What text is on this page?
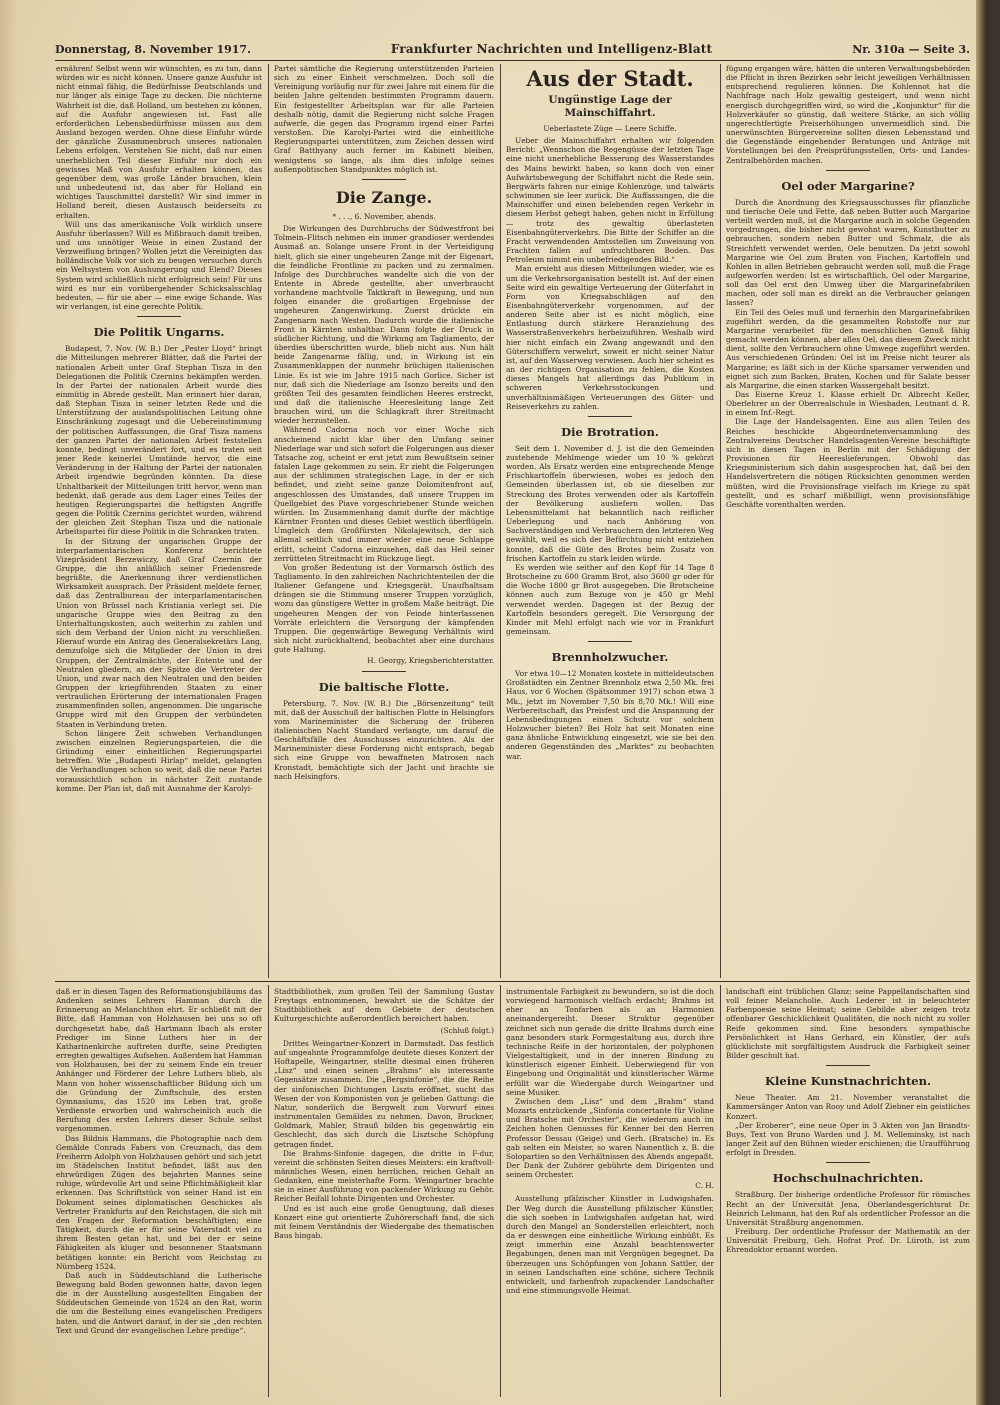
Donnerstag, 8. November 1917.	Frankfurter Nachrichten und Intelligenz-Blatt	Nr. 310a — Seite 3.

ernähren! Selbst wenn wir wünschten, es zu tun, dann würden wir es nicht können. Unsere ganze Ausfuhr ist nicht einmal fähig, die Bedürfnisse Deutschlands und nur länger als einige Tage zu decken. Die nüchterne Wahrheit ist die, daß Holland, um bestehen zu können, auf die Ausfuhr angewiesen ist. Fast alle erforderlichen Lebensbedürfnisse müssen aus dem Ausland bezogen werden. Ohne diese Einfuhr würde der gänzliche Zusammenbruch unseres nationalen Lebens erfolgen. Verstehen Sie nicht, daß nur einen unerheblichen Teil dieser Einfuhr nur doch ein gewisses Maß von Ausfuhr erhalten können, das gegenüber dem, was große Länder brauchen, klein und unbedeutend ist, das aber für Holland ein wichtiges Tauschmittel darstellt? Wir sind immer in Holland bereit, diesen Austausch beiderseits zu erhalten.

Will uns das amerikanische Volk wirklich unsere Ausfuhr überlassen? Will es Mißbrauch damit treiben, und uns unnötiger Weise in einen Zustand der Verzweiflung bringen? Wollen jetzt die Vereinigten das holländische Volk vor sich zu beugen versuchen durch ein Weltsystem von Aushungerung und Elend? Dieses System wird schließlich nicht erfolgreich sein! Für uns wird es nur ein vorübergehender Schicksalsschlag bedeuten, — für sie aber — eine ewige Schande. Was wir verlangen, ist eine gerechte Politik.

Die Politik Ungarns.

Budapest, 7. Nov. (W. B.) Der „Pester Lloyd“ bringt die Mitteilungen mehrerer Blätter, daß die Partei der nationalen Arbeit unter Graf Stephan Tisza in den Delegationen die Politik Czernins bekämpfen werden. In der Partei der nationalen Arbeit wurde dies einmütig in Abrede gestellt. Man erinnert hier daran, daß Stephan Tisza in seiner letzten Rede und die Unterstützung der auslandspolitischen Leitung ohne Einschränkung zugesagt und die Uebereinstimmung der politischen Auffassungen, die Graf Tisza namens der ganzen Partei der nationalen Arbeit feststellen konnte, bedingt unverändert fort, und es traten seit jener Rede keinerlei Umstände hervor, die eine Veränderung in der Haltung der Partei der nationalen Arbeit irgendwie begründen könnten. Da diese Unhaltbarkeit der Mitteilungen tritt hervor, wenn man bedenkt, daß gerade aus dem Lager eines Teiles der heutigen Regierungspartei die heftigsten Angriffe gegen die Politik Czernins gerichtet wurden, während der gleichen Zeit Stephan Tisza und die nationale Arbeitspartei für diese Politik in die Schranken traten.

In der Sitzung der ungarischen Gruppe der interparlamentarischen Konferenz berichtete Vizepräsident Berzewiczy, daß Graf Czernin der Gruppe, die ihn anläßlich seiner Friedensrede begrüßte, die Anerkennung ihrer verdienstlichen Wirksamkeit aussprach. Der Präsident meldete ferner, daß das Zentralbureau der interparlamentarischen Union von Brüssel nach Kristiania verlegt sei. Die ungarische Gruppe wies den Beitrag zu den Unterhaltungskosten, auch weiterhin zu zahlen und sich dem Verband der Union nicht zu verschließen. Hierauf wurde ein Antrag des Generalsekretärs Lang, demzufolge sich die Mitglieder der Union in drei Gruppen, der Zentralmächte, der Entente und der Neutralen gliedern, an der Spitze die Vertreter der Union, und zwar nach den Neutralen und den beiden Gruppen der kriegführenden Staaten zu einer vertraulichen Erörterung der internationalen Fragen zusammenfinden sollen, angenommen. Die ungarische Gruppe wird mit den Gruppen der verbündeten Staaten in Verbindung treten.

Schon längere Zeit schweben Verhandlungen zwischen einzelnen Regierungsparteien, die die Gründung einer einheitlichen Regierungspartei betreffen. Wie „Budapesti Hirlap“ meldet, gelangten die Verhandlungen schon so weit, daß die neue Partei voraussichtlich schon in nächster Zeit zustande komme. Der Plan ist, daß mit Ausnahme der Karolyi-

Partei sämtliche die Regierung unterstützenden Parteien sich zu einer Einheit verschmelzen. Doch soll die Vereinigung vorläufig nur für zwei Jahre mit einem für die beiden Jahre geltenden bestimmten Programm dauern. Ein festgestellter Arbeitsplan war für alle Parteien deshalb nötig, damit die Regierung nicht solche Fragen aufwerfe, die gegen das Programm irgend einer Partei verstoßen. Die Karolyi-Partei wird die einheitliche Regierungspartei unterstützen, zum Zeichen dessen wird Graf Batthyany auch ferner im Kabinett bleiben, wenigstens so lange, als ihm dies infolge seines außenpolitischen Standpunktes möglich ist.

Die Zange.
* . . ., 6. November, abends.

Die Wirkungen des Durchbruchs der Südwestfront bei Tolmein–Flitsch nehmen ein immer grandioser werdendes Ausmaß an. Solange unsere Front in der Verteidigung hielt, glich sie einer ungeheuren Zange mit der Eigenart, die feindliche Frontlinie zu packen und zu zermalmen. Infolge des Durchbruches wandelte sich die von der Entente in Abrede gestellte, aber unverbraucht vorhandene machtvolle Taktkraft in Bewegung, und nun folgen einander die großartigen Ergebnisse der ungeheuren Zangenwirkung. Zuerst drückte ein Zangenarm nach Westen. Dadurch wurde die italienische Front in Kärnten unhaltbar. Dann folgte der Druck in südlicher Richtung, und die Wirkung am Tagliamento, der überdies überschritten wurde, blieb nicht aus. Nun hält beide Zangenarme fällig, und, in Wirkung ist ein Zusammenklappen der nunmehr brüchigen italienischen Linie. Es ist wie im Jahre 1915 nach Gorlice. Sicher ist nur, daß sich die Niederlage am Isonzo bereits und den größten Teil des gesamten feindlichen Heeres erstreckt, und daß die italienische Heeresleitung lange Zeit brauchen wird, um die Schlagkraft ihrer Streitmacht wieder herzustellen.

Während Cadorna noch vor einer Woche sich anscheinend nicht klar über den Umfang seiner Niederlage war und sich sofort die Folgerungen aus dieser Tatsache zog, scheint er erst jetzt zum Bewußtsein seiner fatalen Lage gekommen zu sein. Er zieht die Folgerungen aus der schlimmen strategischen Lage, in der er sich befindet, und zieht seine ganze Dolomitenfront auf, angeschlossen des Umstandes, daß unsere Truppen im Quellgebiet des Piave vorgeschriebener Stunde weichen würden. Im Zusammenhang damit durfte der mächtige Kärntner Fronten und dieses Gebiet westlich überflügeln. Umgleich dem Großfürsten Nikolajewitsch, der sich allemal seitlich und immer wieder eine neue Schlappe erlitt, scheint Cadorna einzusehen, daß das Heil seiner zerrütteten Streitmacht im Rückzuge liegt.

Von großer Bedeutung ist der Vormarsch östlich des Tagliamento. In den zahlreichen Nachrichtenteilen der die Italiener Gefangene und Kriegsgerät. Unaufhaltsam drängen sie die Stimmung unserer Truppen vorzüglich, wozu das günstigere Wetter in großem Maße beiträgt. Die ungeheuren Mengen der von Feinde hinterlassenen Vorräte erleichtern die Versorgung der kämpfenden Truppen. Die gegenwärtige Bewegung Verhältnis wird sich nicht zurückhaltend, beobachtet aber eine durchaus gute Haltung.

H. Georgy, Kriegsberichterstatter.
Die baltische Flotte.

Petersburg, 7. Nov. (W. B.) Die „Börsenzeitung“ teilt mit, daß der Ausschuß der baltischen Flotte in Helsingfors vom Marineminister die Sicherung der früheren italienischen Nacht Standard verlangte, um darauf die Geschäftsfälle des Ausschusses einzurichten. Als der Marineminister diese Forderung nicht entsprach, begab sich eine Gruppe von bewaffneten Matrosen nach Kronstadt, bemächtigte sich der Jacht und brachte sie nach Helsingfors.

Aus der Stadt.
Ungünstige Lage der Mainschiffahrt.
Ueberlastete Züge — Leere Schiffe.

Ueber die Mainschiffahrt erhalten wir folgenden Bericht: „Wennschon die Regengüsse der letzten Tage eine nicht unerhebliche Besserung des Wasserstandes des Mains bewirkt haben, so kann doch von einer Aufwärtsbewegung der Schiffahrt nicht die Rede sein. Bergwärts fahren nur einige Kohlenzüge, und talwärts schwimmen sie leer zurück. Die Auffassungen, die die Mainschiffer und einen belebenden regen Verkehr in diesem Herbst gehegt haben, gehen nicht in Erfüllung — trotz des gewaltig überlasteten Eisenbahngüterverkehrs. Die Bitte der Schiffer an die Fracht verwendenden Amtsstellen um Zuweisung von Frachten fallen auf unfruchtbaren Boden. Das Petroleum nimmt ein unbefriedigendes Bild.“

Man ersieht aus diesen Mitteilungen wieder, wie es um die Verkehrsorganisation bestellt ist. Auf der einen Seite wird ein gewaltige Verteuerung der Güterfahrt in Form von Kriegsabschlägen auf den Eisenbahngüterverkehr vorgenommen, auf der anderen Seite aber ist es nicht möglich, eine Entlastung durch stärkere Heranziehung des Wasserstraßenverkehrs herbeizuführen. Weshalb wird hier nicht einfach ein Zwang angewandt und den Güterschiffern verwehrt, soweit er nicht seiner Natur ist, auf den Wasserweg verwiesen. Auch hier scheint es an der richtigen Organisation zu fehlen, die Kosten dieses Mangels hat allerdings das Publikum in schweren Verkehrsstockungen und unverhältnismäßigen Verteuerungen des Güter- und Reiseverkehrs zu zahlen.

Die Brotration.

Seit dem 1. November d. J. ist die den Gemeinden zustehende Mehlmenge wieder um 10 % gekürzt worden. Als Ersatz werden eine entsprechende Menge Frischkartoffeln überwiesen, wobei es jedoch den Gemeinden überlassen ist, ob sie dieselben zur Streckung des Brotes verwenden oder als Kartoffeln der Bevölkerung ausliefern wollen. Das Lebensmittelamt hat bekanntlich nach reiflicher Ueberlegung und nach Anhörung von Sachverständigen und Verbrauchern den letzteren Weg gewählt, weil es sich der Befürchtung nicht entziehen konnte, daß die Güte des Brotes beim Zusatz von frischen Kartoffeln zu stark leiden würde.

Es werden wie seither auf den Kopf für 14 Tage 8 Brotscheine zu 600 Gramm Brot, also 3600 gr oder für die Woche 1800 gr Brot ausgegeben. Die Brotscheine können auch zum Bezuge von je 450 gr Mehl verwendet werden. Dagegen ist der Bezug der Kartoffeln besonders geregelt. Die Versorgung der Kinder mit Mehl erfolgt nach wie vor in Frankfurt gemeinsam.

Brennholzwucher.

Vor etwa 10—12 Monaten kostete in mitteldeutschen Großstädten ein Zentner Brennholz etwa 2,50 Mk. frei Haus, vor 6 Wochen (Spätsommer 1917) schon etwa 3 Mk., jetzt im November 7,50 bis 8,70 Mk.! Will eine Werbereitschaft, das Preisfest und die Anspannung der Lebensbedingungen einen Schutz vor solchem Holzwucher bieten? Bei Holz hat seit Monaten eine ganz ähnliche Entwicklung eingesetzt, wie sie bei den anderen Gegenständen des „Marktes“ zu beobachten war.

fügung ergangen wäre, hätten die unteren Verwaltungsbehörden die Pflicht in ihren Bezirken sehr leicht jeweiligen Verhältnissen entsprechend regulieren können. Die Kohlennot hat die Nachfrage nach Holz gewaltig gesteigert, und wenn nicht energisch durchgegriffen wird, so wird die „Konjunktur“ für die Holzverkäufer so günstig, daß weitere Stärke, an sich völlig ungerechtfertigte Preiserhöhungen unvermeidlich sind. Die unerwünschten Bürgervereine sollten diesen Lebensstand und die Gegenstände eingehender Beratungen und Anträge mit Vorstellungen bei den Preisprüfungsstellen, Orts- und Landes-Zentralbehörden machen.

Oel oder Margarine?

Durch die Anordnung des Kriegsausschusses für pflanzliche und tierische Oele und Fette, daß neben Butter auch Margarine verteilt werden muß, ist die Margarine auch in solche Gegenden vorgedrungen, die bisher nicht gewohnt waren, Kunstbutter zu gebrauchen, sondern neben Butter und Schmalz, die als Streichfett verwendet werden, Oele benutzen. Da jetzt sowohl Margarine wie Oel zum Braten von Fischen, Kartoffeln und Kohlen in allen Betrieben gebraucht werden soll, muß die Frage aufgeworfen werden: Ist es wirtschaftlich, Oel oder Margarine, soll das Oel erst den Umweg über die Margarinefabriken machen, oder soll man es direkt an die Verbraucher gelangen lassen?

Ein Teil des Oeles muß und fernerhin den Margarinefabriken zugeführt werden, da die gesammelten Rohstoffe nur zur Margarine verarbeitet für den menschlichen Genuß fähig gemacht werden können, aber alles Oel, das diesem Zweck nicht dient, sollte den Verbrauchern ohne Umwege zugeführt werden. Aus verschiedenen Gründen: Oel ist im Preise nicht teurer als Margarine; es läßt sich in der Küche sparsamer verwenden und eignet sich zum Backen, Braten, Kochen und für Salate besser als Margarine, die einen starken Wassergehalt besitzt.

Das Eiserne Kreuz 1. Klasse erhielt Dr. Albrecht Keller, Oberlehrer an der Oberrealschule in Wiesbaden, Leutnant d. R. in einem Inf.-Regt.

Die Lage der Handelsagenten. Eine aus allen Teilen des Reiches beschickte Abgeordnetenversammlung des Zentralvereins Deutscher Handelsagenten-Vereine beschäftigte sich in diesen Tagen in Berlin mit der Schädigung der Provisionen für Heereslieferungen. Obwohl das Kriegsministerium sich dahin ausgesprochen hat, daß bei den Handelsvertretern die nötigen Rücksichten genommen werden müßten, wird die Provisionsfrage vielfach im Kriege zu spät gestellt, und es scharf mißbilligt, wenn provisionsfähige Geschäfte vorenthalten werden.

daß er in diesen Tagen des Reformationsjubiläums das Andenken seines Lehrers Hamman durch die Erinnerung an Melanchthon ehrt. Er schließt mit der Bitte, daß Hamman von Holzhausen bei uns so oft durchgesetzt habe, daß Hartmann Ibach als erster Prediger im Sinne Luthers hier in der Katharinenkirche auftreten durfte, seine Predigten erregten gewaltiges Aufsehen. Außerdem hat Hamman von Holzhausen, bei der zu seinem Ende ein treuer Anhänger und Förderer der Lehre Luthers blieb, als Mann von hoher wissenschaftlicher Bildung sich um die Gründung der Zunftschule, des ersten Gymnasiums, das 1520 ins Leben trat, große Verdienste erworben und wahrscheinlich auch die Berufung des ersten Lehrers dieser Schule selbst vorgenommen.

Das Bildnis Hammans, die Photographie nach dem Gemälde Conrads Fabers von Creuznach, das dem Freiherrn Adolph von Holzhausen gehört und sich jetzt im Städelschen Institut befindet, läßt aus den ehrwürdigen Zügen des bejahrten Mannes seine ruhige, würdevolle Art und seine Pflichtmäßigkeit klar erkennen. Das Schriftstück von seiner Hand ist ein Dokument seines diplomatischen Geschickes als Vertreter Frankfurts auf den Reichstagen, die sich mit den Fragen der Reformation beschäftigten; eine Tätigkeit, durch die er für seine Vaterstadt viel zu ihrem Besten getan hat, und bei der er seine Fähigkeiten als kluger und besonnener Staatsmann betätigen konnte: ein Bericht vom Reichstag zu Nürnberg 1524.

Daß auch in Süddeutschland die Lutherische Bewegung bald Boden gewonnen hatte, davon legen die in der Ausstellung ausgestellten Eingaben der Süddeutschen Gemeinde von 1524 an den Rat, worin die um die Bestellung eines evangelischen Predigers baten, und die Antwort darauf, in der sie „den rechten Text und Grund der evangelischen Lehre predige“.

Stadtbibliothek, zum großen Teil der Sammlung Gustav Freytags entnommenen, bewahrt sie die Schätze der Stadtbibliothek auf dem Gebiete der deutschen Kulturgeschichte außerordentlich bereichert haben.

(Schluß folgt.)

Drittes Weingartner-Konzert in Darmstadt. Das festlich auf ungeahnte Programmfolge deutete dieses Konzert der Hoftapelle, Weingartner, stellte diesmal einen früheren „Lisz“ und einen seinen „Brahms“ als interessante Gegensätze zusammen. Die „Bergsinfonie“, die die Reihe der sinfonischen Dichtungen Liszts eröffnet, sucht das Wesen der von Komponisten von je gelieben Gattung: die Natur, sonderlich die Bergwelt zum Vorwurf eines instrumentalen Gemäldes zu nehmen. Davon, Bruckner, Goldmark, Mahler, Strauß bilden bis gegenwärtig ein Geschlecht, das sich durch die Lisztsche Schöpfung getragen findet.

Die Brahms-Sinfonie dagegen, die dritte in F-dur, vereint die schönsten Seiten dieses Meisters: ein kraftvoll-männliches Wesen, einen herrlichen, reichen Gehalt an Gedanken, eine meisterhafte Form. Weingartner brachte sie in einer Ausführung von packender Wirkung zu Gehör. Reicher Beifall lohnte Dirigenten und Orchester.

Und es ist auch eine große Genugtuung, daß dieses Konzert eine gut orientierte Zuhörerschaft fand, die sich mit feinem Verständnis der Wiedergabe des thematischen Baus hingab.

instrumentale Farbigkeit zu bewundern, so ist die doch vorwiegend harmonisch vielfach erdacht; Brahms ist eher an Tonfarben als an Harmonien aneinandergereiht. Dieser Struktur gegenüber zeichnet sich nun gerade die dritte Brahms durch eine ganz besonders stark Formgestaltung aus, durch ihre technische Reife in der horizontalen, der polyphonen Vielgestaltigkeit, und in der inneren Bindung zu künstlerisch eigener Einheit. Ueberwiegend für von Eingebung und Originalität und künstlerischer Wärme erfüllt war die Wiedergabe durch Weingartner und seine Musiker.

Zwischen dem „Lisz“ und dem „Brahm“ stand Mozarts entzückende „Sinfonia concertante für Violine und Bratsche mit Orchester“, die wiederum auch im Zeichen hohen Genusses für Kenner bei den Herren Professor Dessau (Geige) und Gerh. (Bratsche) in. Es gab selten ein Meister, so waren Namentlich z. B. die Solopartien so den Verhältnissen des Abends angepaßt. Der Dank der Zuhörer gebührte dem Dirigenten und seinem Orchester.

C. H.

Ausstellung pfälzischer Künstler in Ludwigshafen. Der Weg durch die Ausstellung pfälzischer Künstler, die sich soeben in Ludwigshafen aufgetan hat, wird durch den Mangel an Sonderstellen erleichtert, noch da er deswegen eine einheitliche Wirkung einbüßt. Es zeigt immerhin eine Anzahl beachtenswerter Begabungen, denen man mit Vergnügen begegnet. Da überzeugen uns Schöpfungen von Johann Sattler, der in seinen Landschaften eine schöne, sichere Technik entwickelt, und farbenfroh zupackender Landschafter und eine stimmungsvolle Heimat.

landschaft eint trüblichen Glanz; seine Pappellandschaften sind voll feiner Melancholie. Auch Lederer ist in beleuchteter Farbenpoesie seine Heimat; seine Gebilde aber zeigen trotz offenbarer Geschicklichkeit Qualitäten, die noch nicht zu voller Reife gekommen sind. Eine besonders sympathische Persönlichkeit ist Hans Gerhard, ein Künstler, der aufs glücklichste mit sorgfältigstem Ausdruck die Farbigkeit seiner Bilder geschult hat.

Kleine Kunstnachrichten.

Neue Theater. Am 21. November veranstaltet die Kammersänger Anton van Rooy und Adolf Ziebner ein geistliches Konzert.

„Der Eroberer“, eine neue Oper in 3 Akten von Jan Brandts-Buys, Text von Bruno Warden und J. M. Welleminsky, ist nach langer Zeit auf den Bühnen wieder erschienen; die Uraufführung erfolgt in Dresden.

Hochschulnachrichten.

Straßburg. Der bisherige ordentliche Professor für römisches Recht an der Universität Jena, Oberlandesgerichtsrat Dr. Heinrich Lehmann, hat den Ruf als ordentlicher Professor an die Universität Straßburg angenommen.

Freiburg. Der ordentliche Professor der Mathematik an der Universität Freiburg, Geh. Hofrat Prof. Dr. Lüroth, ist zum Ehrendoktor ernannt worden.
